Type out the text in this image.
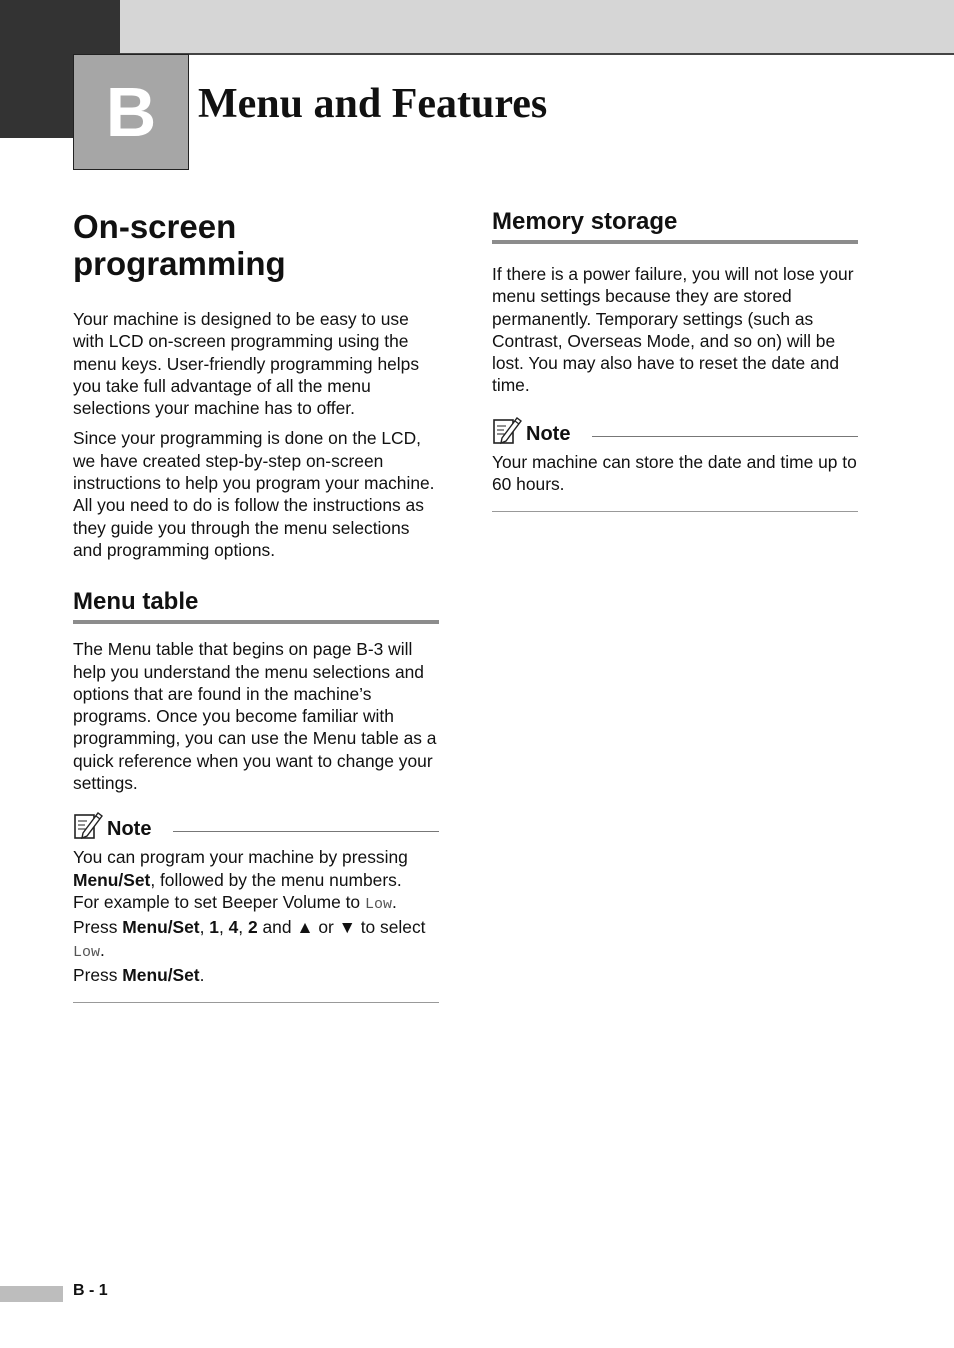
B Menu and Features
On-screen
programming

Your machine is designed to be easy to use with LCD on-screen programming using the menu keys. User-friendly programming helps you take full advantage of all the menu selections your machine has to offer.

Since your programming is done on the LCD, we have created step-by-step on-screen instructions to help you program your machine. All you need to do is follow the instructions as they guide you through the menu selections and programming options.

Menu table

The Menu table that begins on page B-3 will help you understand the menu selections and options that are found in the machine’s programs. Once you become familiar with programming, you can use the Menu table as a quick reference when you want to change your settings.

Note

You can program your machine by pressing Menu/Set, followed by the menu numbers.
For example to set Beeper Volume to Low.
Press Menu/Set, 1, 4, 2 and ▲ or ▼ to select Low.
Press Menu/Set.

Memory storage

If there is a power failure, you will not lose your menu settings because they are stored permanently. Temporary settings (such as Contrast, Overseas Mode, and so on) will be lost. You may also have to reset the date and time.

Note

Your machine can store the date and time up to 60 hours.

B - 1
